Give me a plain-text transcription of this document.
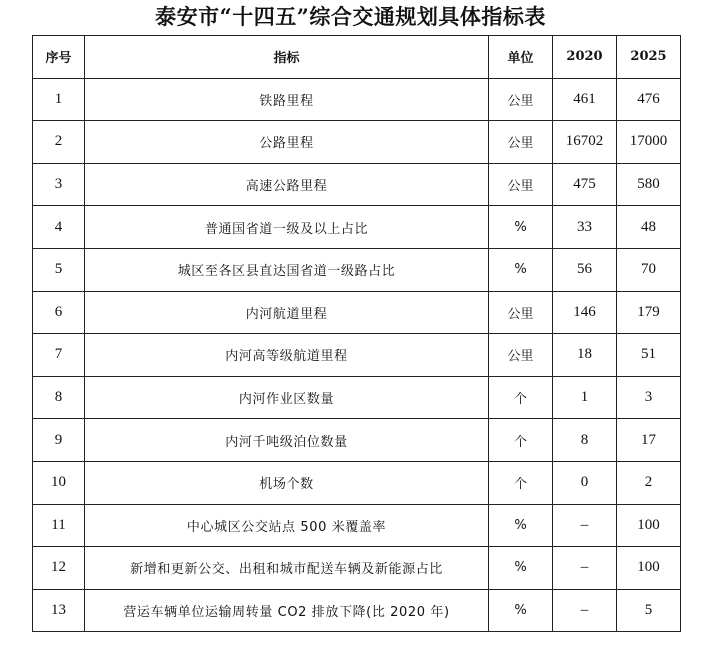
泰安市“十四五”综合交通规划具体指标表
序号	指标	单位	2020	2025
1	铁路里程	公里	461	476
2	公路里程	公里	16702	17000
3	高速公路里程	公里	475	580
4	普通国省道一级及以上占比	%	33	48
5	城区至各区县直达国省道一级路占比	%	56	70
6	内河航道里程	公里	146	179
7	内河高等级航道里程	公里	18	51
8	内河作业区数量	个	1	3
9	内河千吨级泊位数量	个	8	17
10	机场个数	个	0	2
11	中心城区公交站点 500 米覆盖率	%	–	100
12	新增和更新公交、出租和城市配送车辆及新能源占比	%	–	100
13	营运车辆单位运输周转量 CO2 排放下降(比 2020 年)	%	–	5
